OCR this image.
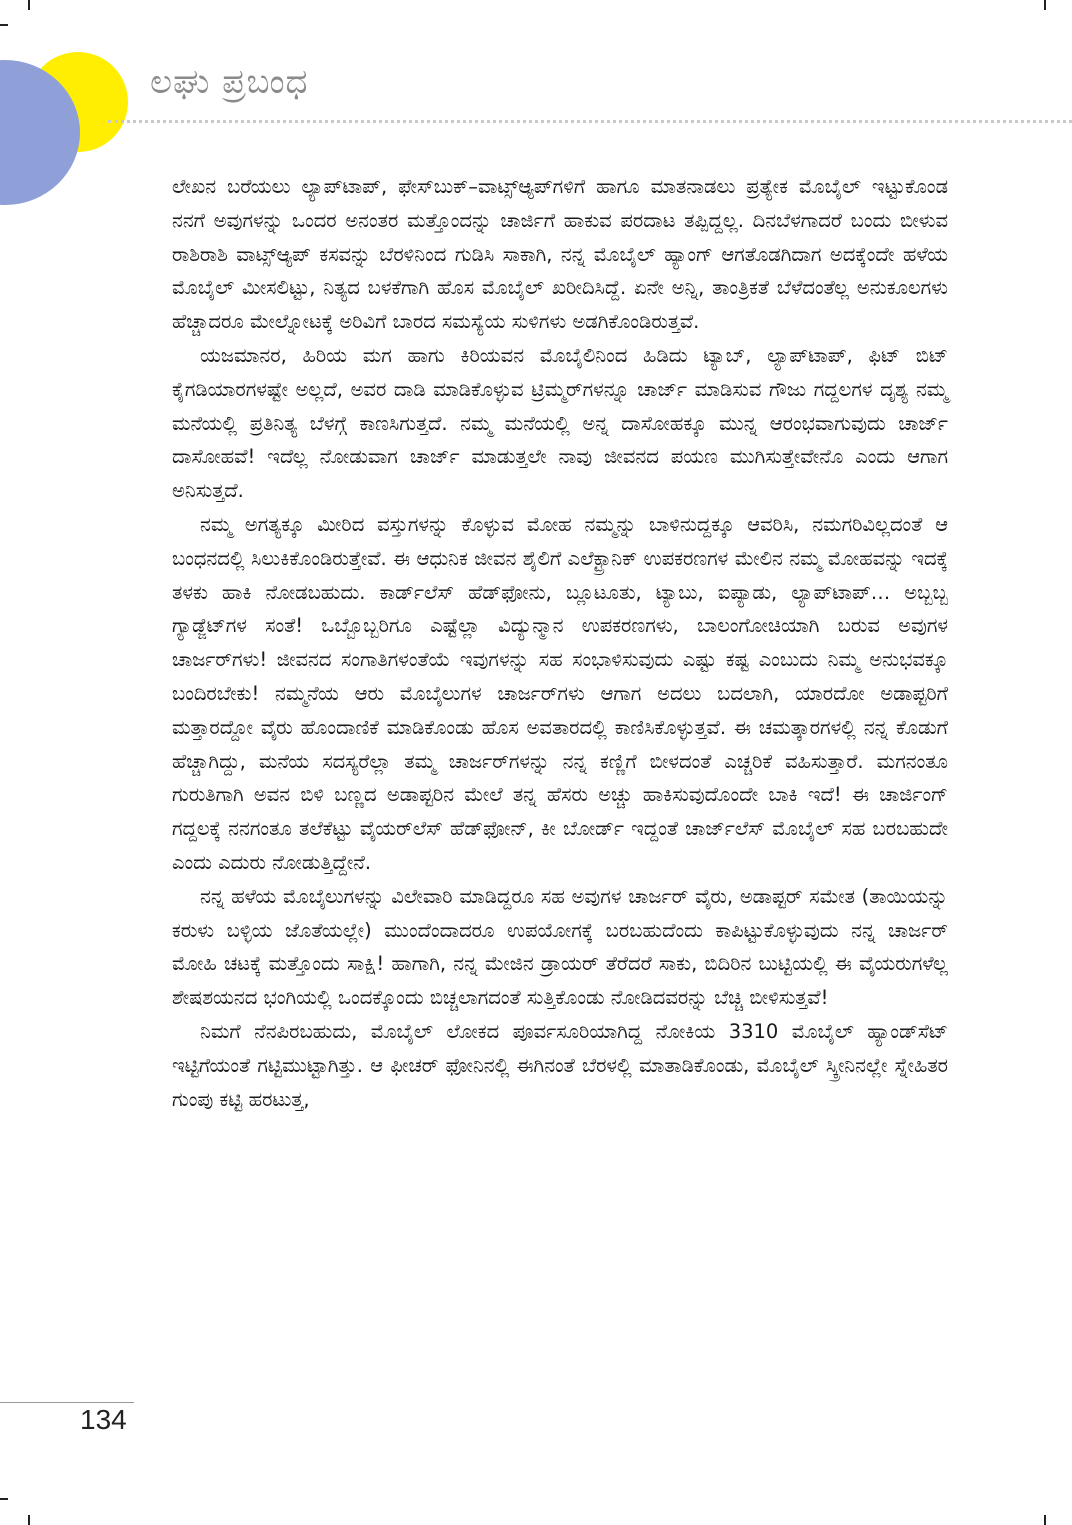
ಲಘು ಪ್ರಬಂಧ

ಲೇಖನ ಬರೆಯಲು ಲ್ಯಾಪ್‌ಟಾಪ್, ಫೇಸ್‌ಬುಕ್–ವಾಟ್ಸ್‌ಆ್ಯಪ್‌ಗಳಿಗೆ ಹಾಗೂ ಮಾತನಾಡಲು ಪ್ರತ್ಯೇಕ ಮೊಬೈಲ್ ಇಟ್ಟುಕೊಂಡ ನನಗೆ ಅವುಗಳನ್ನು ಒಂದರ ಅನಂತರ ಮತ್ತೊಂದನ್ನು ಚಾರ್ಜಿಗೆ ಹಾಕುವ ಪರದಾಟ ತಪ್ಪಿದ್ದಲ್ಲ. ದಿನಬೆಳಗಾದರೆ ಬಂದು ಬೀಳುವ ರಾಶಿರಾಶಿ ವಾಟ್ಸ್‌ಆ್ಯಪ್ ಕಸವನ್ನು ಬೆರಳಿನಿಂದ ಗುಡಿಸಿ ಸಾಕಾಗಿ, ನನ್ನ ಮೊಬೈಲ್ ಹ್ಯಾಂಗ್ ಆಗತೊಡಗಿದಾಗ ಅದಕ್ಕೆಂದೇ ಹಳೆಯ ಮೊಬೈಲ್ ಮೀಸಲಿಟ್ಟು, ನಿತ್ಯದ ಬಳಕೆಗಾಗಿ ಹೊಸ ಮೊಬೈಲ್ ಖರೀದಿಸಿದ್ದೆ. ಏನೇ ಅನ್ನಿ, ತಾಂತ್ರಿಕತೆ ಬೆಳೆದಂತೆಲ್ಲ ಅನುಕೂಲಗಳು ಹೆಚ್ಚಾದರೂ ಮೇಲ್ನೋಟಕ್ಕೆ ಅರಿವಿಗೆ ಬಾರದ ಸಮಸ್ಯೆಯ ಸುಳಿಗಳು ಅಡಗಿಕೊಂಡಿರುತ್ತವೆ.

ಯಜಮಾನರ, ಹಿರಿಯ ಮಗ ಹಾಗು ಕಿರಿಯವನ ಮೊಬೈಲಿನಿಂದ ಹಿಡಿದು ಟ್ಯಾಬ್, ಲ್ಯಾಪ್‌ಟಾಪ್, ಫಿಟ್ ಬಿಟ್ ಕೈಗಡಿಯಾರಗಳಷ್ಟೇ ಅಲ್ಲದೆ, ಅವರ ದಾಡಿ ಮಾಡಿಕೊಳ್ಳುವ ಟ್ರಿಮ್ಮರ್‌ಗಳನ್ನೂ ಚಾರ್ಜ್ ಮಾಡಿಸುವ ಗೌಜು ಗದ್ದಲಗಳ ದೃಶ್ಯ ನಮ್ಮ ಮನೆಯಲ್ಲಿ ಪ್ರತಿನಿತ್ಯ ಬೆಳಗ್ಗೆ ಕಾಣಸಿಗುತ್ತದೆ. ನಮ್ಮ ಮನೆಯಲ್ಲಿ ಅನ್ನ ದಾಸೋಹಕ್ಕೂ ಮುನ್ನ ಆರಂಭವಾಗುವುದು ಚಾರ್ಜ್ ದಾಸೋಹವೆ! ಇದೆಲ್ಲ ನೋಡುವಾಗ ಚಾರ್ಜ್ ಮಾಡುತ್ತಲೇ ನಾವು ಜೀವನದ ಪಯಣ ಮುಗಿಸುತ್ತೇವೇನೊ ಎಂದು ಆಗಾಗ ಅನಿಸುತ್ತದೆ.

ನಮ್ಮ ಅಗತ್ಯಕ್ಕೂ ಮೀರಿದ ವಸ್ತುಗಳನ್ನು ಕೊಳ್ಳುವ ಮೋಹ ನಮ್ಮನ್ನು ಬಾಳಿನುದ್ದಕ್ಕೂ ಆವರಿಸಿ, ನಮಗರಿವಿಲ್ಲದಂತೆ ಆ ಬಂಧನದಲ್ಲಿ ಸಿಲುಕಿಕೊಂಡಿರುತ್ತೇವೆ. ಈ ಆಧುನಿಕ ಜೀವನ ಶೈಲಿಗೆ ಎಲೆಕ್ಟ್ರಾನಿಕ್ ಉಪಕರಣಗಳ ಮೇಲಿನ ನಮ್ಮ ಮೋಹವನ್ನು ಇದಕ್ಕೆ ತಳಕು ಹಾಕಿ ನೋಡಬಹುದು. ಕಾರ್ಡ್‌ಲೆಸ್ ಹೆಡ್‌ಫೋನು, ಬ್ಲೂಟೂತು, ಟ್ಯಾಬು, ಐಪ್ಯಾಡು, ಲ್ಯಾಪ್‌ಟಾಪ್… ಅಬ್ಬಬ್ಬ ಗ್ಯಾಡ್ಜೆಟ್‌ಗಳ ಸಂತೆ! ಒಬ್ಬೊಬ್ಬರಿಗೂ ಎಷ್ಟೆಲ್ಲಾ ವಿದ್ಯುನ್ಮಾನ ಉಪಕರಣಗಳು, ಬಾಲಂಗೋಚಿಯಾಗಿ ಬರುವ ಅವುಗಳ ಚಾರ್ಜರ್‌ಗಳು! ಜೀವನದ ಸಂಗಾತಿಗಳಂತೆಯೆ ಇವುಗಳನ್ನು ಸಹ ಸಂಭಾಳಿಸುವುದು ಎಷ್ಟು ಕಷ್ಟ ಎಂಬುದು ನಿಮ್ಮ ಅನುಭವಕ್ಕೂ ಬಂದಿರಬೇಕು! ನಮ್ಮನೆಯ ಆರು ಮೊಬೈಲುಗಳ ಚಾರ್ಜರ್‌ಗಳು ಆಗಾಗ ಅದಲು ಬದಲಾಗಿ, ಯಾರದೋ ಅಡಾಪ್ಟರಿಗೆ ಮತ್ತಾರದ್ದೋ ವೈರು ಹೊಂದಾಣಿಕೆ ಮಾಡಿಕೊಂಡು ಹೊಸ ಅವತಾರದಲ್ಲಿ ಕಾಣಿಸಿಕೊಳ್ಳುತ್ತವೆ. ಈ ಚಮತ್ಕಾರಗಳಲ್ಲಿ ನನ್ನ ಕೊಡುಗೆ ಹೆಚ್ಚಾಗಿದ್ದು, ಮನೆಯ ಸದಸ್ಯರೆಲ್ಲಾ ತಮ್ಮ ಚಾರ್ಜರ್‌ಗಳನ್ನು ನನ್ನ ಕಣ್ಣಿಗೆ ಬೀಳದಂತೆ ಎಚ್ಚರಿಕೆ ವಹಿಸುತ್ತಾರೆ. ಮಗನಂತೂ ಗುರುತಿಗಾಗಿ ಅವನ ಬಿಳಿ ಬಣ್ಣದ ಅಡಾಪ್ಟರಿನ ಮೇಲೆ ತನ್ನ ಹೆಸರು ಅಚ್ಚು ಹಾಕಿಸುವುದೊಂದೇ ಬಾಕಿ ಇದೆ! ಈ ಚಾರ್ಜಿಂಗ್ ಗದ್ದಲಕ್ಕೆ ನನಗಂತೂ ತಲೆಕೆಟ್ಟು ವೈಯರ್‌ಲೆಸ್ ಹೆಡ್‌ಫೋನ್, ಕೀ ಬೋರ್ಡ್ ಇದ್ದಂತೆ ಚಾರ್ಜ್‌ಲೆಸ್ ಮೊಬೈಲ್ ಸಹ ಬರಬಹುದೇ ಎಂದು ಎದುರು ನೋಡುತ್ತಿದ್ದೇನೆ.

ನನ್ನ ಹಳೆಯ ಮೊಬೈಲುಗಳನ್ನು ವಿಲೇವಾರಿ ಮಾಡಿದ್ದರೂ ಸಹ ಅವುಗಳ ಚಾರ್ಜರ್ ವೈರು, ಅಡಾಪ್ಟರ್ ಸಮೇತ (ತಾಯಿಯನ್ನು ಕರುಳು ಬಳ್ಳಿಯ ಜೊತೆಯಲ್ಲೇ) ಮುಂದೆಂದಾದರೂ ಉಪಯೋಗಕ್ಕೆ ಬರಬಹುದೆಂದು ಕಾಪಿಟ್ಟುಕೊಳ್ಳುವುದು ನನ್ನ ಚಾರ್ಜರ್ ಮೋಹಿ ಚಟಕ್ಕೆ ಮತ್ತೊಂದು ಸಾಕ್ಷಿ! ಹಾಗಾಗಿ, ನನ್ನ ಮೇಜಿನ ಡ್ರಾಯರ್ ತೆರೆದರೆ ಸಾಕು, ಬಿದಿರಿನ ಬುಟ್ಟಿಯಲ್ಲಿ ಈ ವೈಯರುಗಳೆಲ್ಲ ಶೇಷಶಯನದ ಭಂಗಿಯಲ್ಲಿ ಒಂದಕ್ಕೊಂದು ಬಿಚ್ಚಲಾಗದಂತೆ ಸುತ್ತಿಕೊಂಡು ನೋಡಿದವರನ್ನು ಬೆಚ್ಚಿ ಬೀಳಿಸುತ್ತವೆ!

ನಿಮಗೆ ನೆನಪಿರಬಹುದು, ಮೊಬೈಲ್ ಲೋಕದ ಪೂರ್ವಸೂರಿಯಾಗಿದ್ದ ನೋಕಿಯ 3310 ಮೊಬೈಲ್ ಹ್ಯಾಂಡ್‌ಸೆಟ್ ಇಟ್ಟಿಗೆಯಂತೆ ಗಟ್ಟಿಮುಟ್ಟಾಗಿತ್ತು. ಆ ಫೀಚರ್ ಫೋನಿನಲ್ಲಿ ಈಗಿನಂತೆ ಬೆರಳಲ್ಲಿ ಮಾತಾಡಿಕೊಂಡು, ಮೊಬೈಲ್ ಸ್ಕ್ರೀನಿನಲ್ಲೇ ಸ್ನೇಹಿತರ ಗುಂಪು ಕಟ್ಟಿ ಹರಟುತ್ತ,

134
